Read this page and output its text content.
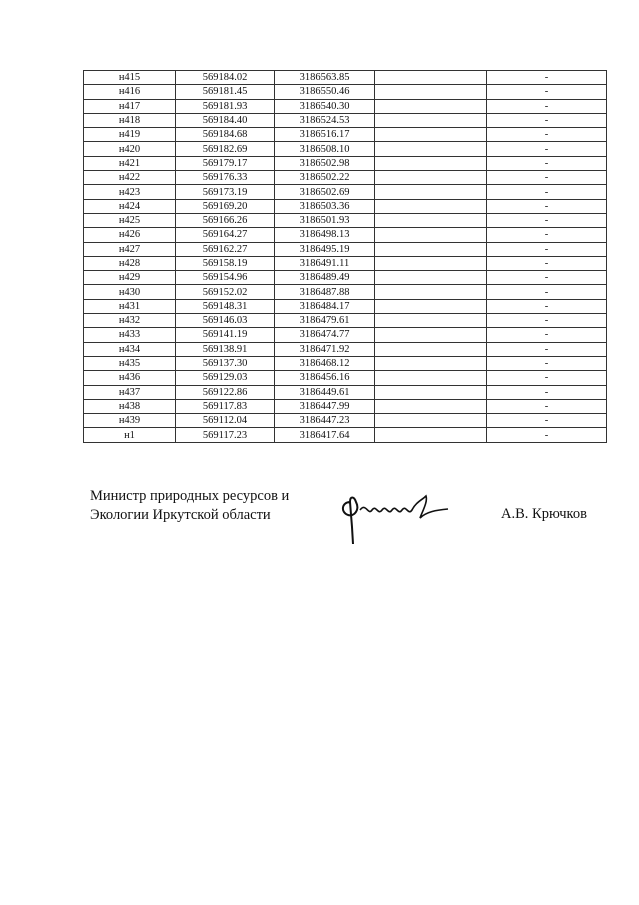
н415	569184.02	3186563.85		-
н416	569181.45	3186550.46		-
н417	569181.93	3186540.30		-
н418	569184.40	3186524.53		-
н419	569184.68	3186516.17		-
н420	569182.69	3186508.10		-
н421	569179.17	3186502.98		-
н422	569176.33	3186502.22		-
н423	569173.19	3186502.69		-
н424	569169.20	3186503.36		-
н425	569166.26	3186501.93		-
н426	569164.27	3186498.13		-
н427	569162.27	3186495.19		-
н428	569158.19	3186491.11		-
н429	569154.96	3186489.49		-
н430	569152.02	3186487.88		-
н431	569148.31	3186484.17		-
н432	569146.03	3186479.61		-
н433	569141.19	3186474.77		-
н434	569138.91	3186471.92		-
н435	569137.30	3186468.12		-
н436	569129.03	3186456.16		-
н437	569122.86	3186449.61		-
н438	569117.83	3186447.99		-
н439	569112.04	3186447.23		-
н1	569117.23	3186417.64		-
Министр природных ресурсов и
Экологии Иркутской области	А.В. Крючков
